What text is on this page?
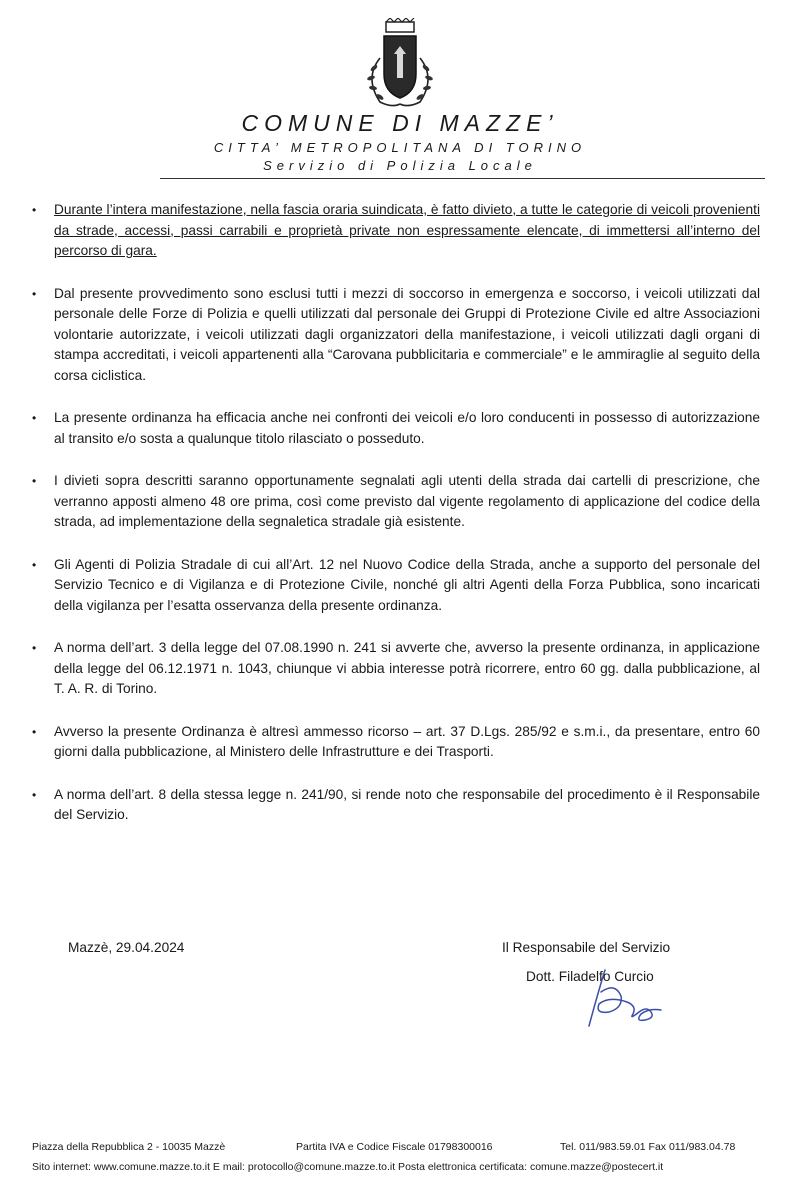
COMUNE DI MAZZE’
CITTA’ METROPOLITANA DI TORINO
Servizio di Polizia Locale
• Durante l’intera manifestazione, nella fascia oraria suindicata, è fatto divieto, a tutte le categorie di veicoli provenienti da strade, accessi, passi carrabili e proprietà private non espressamente elencate, di immettersi all’interno del percorso di gara.
• Dal presente provvedimento sono esclusi tutti i mezzi di soccorso in emergenza e soccorso, i veicoli utilizzati dal personale delle Forze di Polizia e quelli utilizzati dal personale dei Gruppi di Protezione Civile ed altre Associazioni volontarie autorizzate, i veicoli utilizzati dagli organizzatori della manifestazione, i veicoli utilizzati dagli organi di stampa accreditati, i veicoli appartenenti alla “Carovana pubblicitaria e commerciale” e le ammiraglie al seguito della corsa ciclistica.
• La presente ordinanza ha efficacia anche nei confronti dei veicoli e/o loro conducenti in possesso di autorizzazione al transito e/o sosta a qualunque titolo rilasciato o posseduto.
• I divieti sopra descritti saranno opportunamente segnalati agli utenti della strada dai cartelli di prescrizione, che verranno apposti almeno 48 ore prima, così come previsto dal vigente regolamento di applicazione del codice della strada, ad implementazione della segnaletica stradale già esistente.
• Gli Agenti di Polizia Stradale di cui all’Art. 12 nel Nuovo Codice della Strada, anche a supporto del personale del Servizio Tecnico e di Vigilanza e di Protezione Civile, nonché gli altri Agenti della Forza Pubblica, sono incaricati della vigilanza per l’esatta osservanza della presente ordinanza.
• A norma dell’art. 3 della legge del 07.08.1990 n. 241 si avverte che, avverso la presente ordinanza, in applicazione della legge del 06.12.1971 n. 1043, chiunque vi abbia interesse potrà ricorrere, entro 60 gg. dalla pubblicazione, al T. A. R. di Torino.
• Avverso la presente Ordinanza è altresì ammesso ricorso – art. 37 D.Lgs. 285/92 e s.m.i., da presentare, entro 60 giorni dalla pubblicazione, al Ministero delle Infrastrutture e dei Trasporti.
• A norma dell’art. 8 della stessa legge n. 241/90, si rende noto che responsabile del procedimento è il Responsabile del Servizio.
Mazzè, 29.04.2024	Il Responsabile del Servizio
Dott. Filadelfo Curcio
Piazza della Repubblica 2 - 10035 Mazzè	Partita IVA e Codice Fiscale 01798300016	Tel. 011/983.59.01 Fax 011/983.04.78
Sito internet: www.comune.mazze.to.it E mail: protocollo@comune.mazze.to.it Posta elettronica certificata: comune.mazze@postecert.it
